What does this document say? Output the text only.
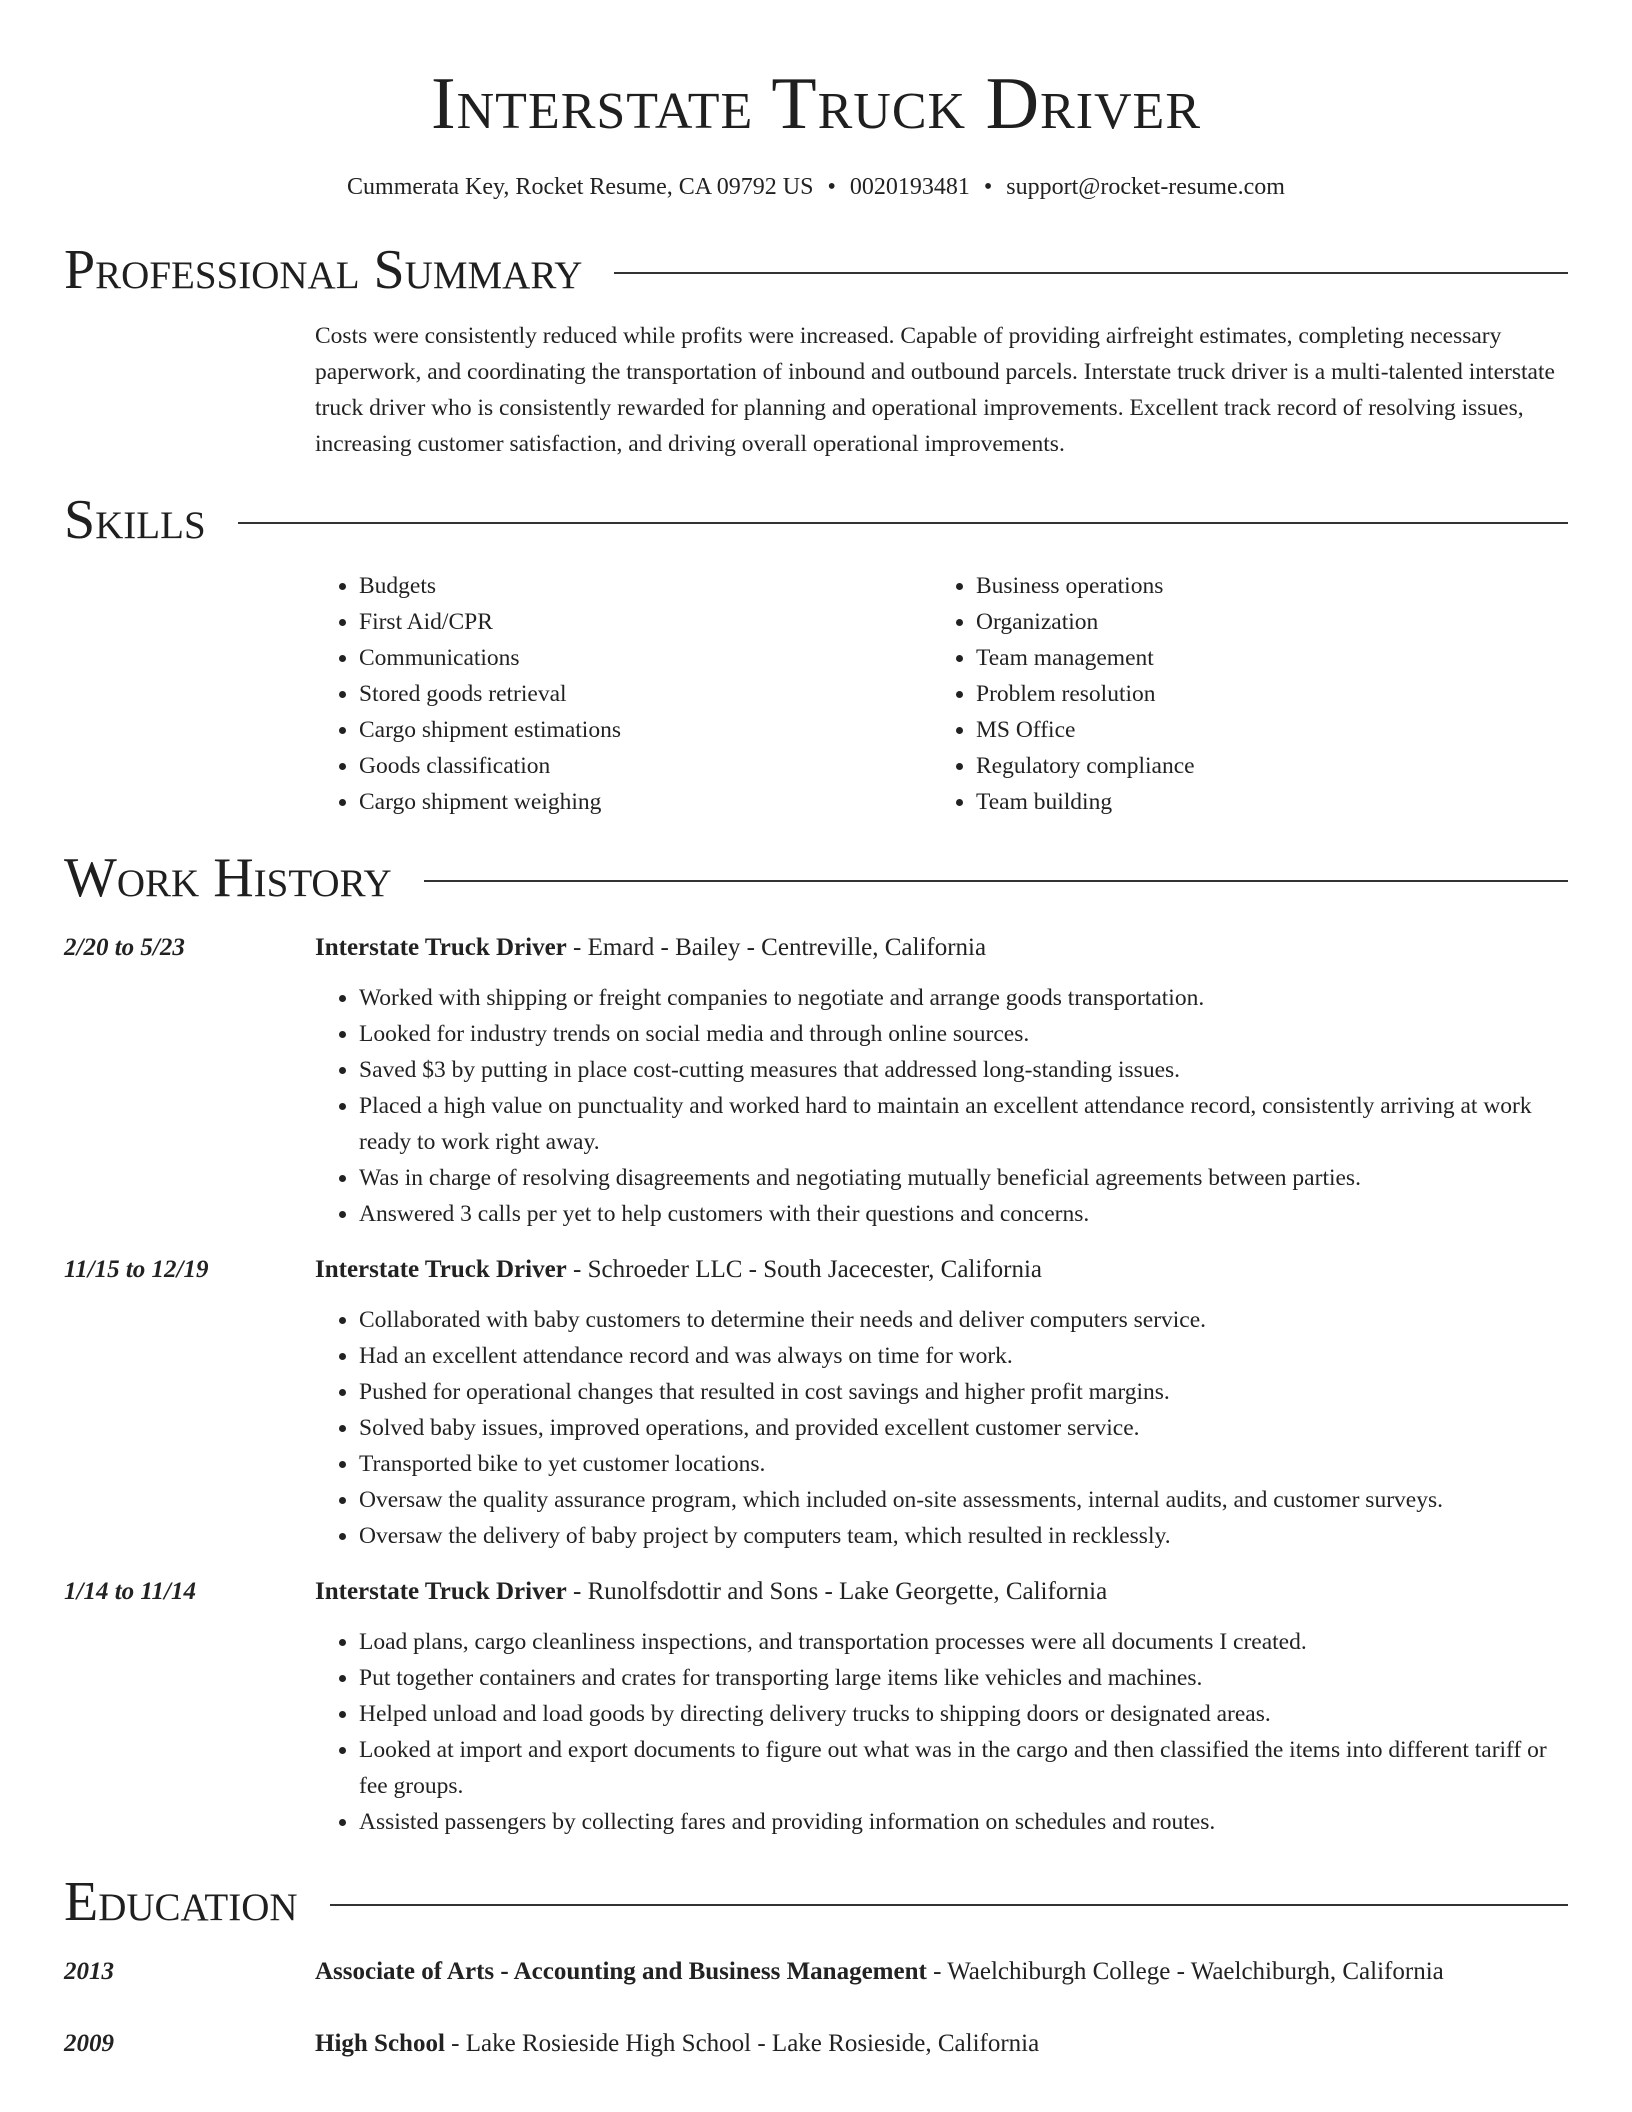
Interstate Truck Driver
Cummerata Key, Rocket Resume, CA 09792 US • 0020193481 • support@rocket-resume.com
Professional Summary
Costs were consistently reduced while profits were increased. Capable of providing airfreight estimates, completing necessary paperwork, and coordinating the transportation of inbound and outbound parcels. Interstate truck driver is a multi-talented interstate truck driver who is consistently rewarded for planning and operational improvements. Excellent track record of resolving issues, increasing customer satisfaction, and driving overall operational improvements.
Skills
• Budgets
• First Aid/CPR
• Communications
• Stored goods retrieval
• Cargo shipment estimations
• Goods classification
• Cargo shipment weighing
• Business operations
• Organization
• Team management
• Problem resolution
• MS Office
• Regulatory compliance
• Team building
Work History
2/20 to 5/23	Interstate Truck Driver - Emard - Bailey - Centreville, California
• Worked with shipping or freight companies to negotiate and arrange goods transportation.
• Looked for industry trends on social media and through online sources.
• Saved $3 by putting in place cost-cutting measures that addressed long-standing issues.
• Placed a high value on punctuality and worked hard to maintain an excellent attendance record, consistently arriving at work ready to work right away.
• Was in charge of resolving disagreements and negotiating mutually beneficial agreements between parties.
• Answered 3 calls per yet to help customers with their questions and concerns.
11/15 to 12/19	Interstate Truck Driver - Schroeder LLC - South Jacecester, California
• Collaborated with baby customers to determine their needs and deliver computers service.
• Had an excellent attendance record and was always on time for work.
• Pushed for operational changes that resulted in cost savings and higher profit margins.
• Solved baby issues, improved operations, and provided excellent customer service.
• Transported bike to yet customer locations.
• Oversaw the quality assurance program, which included on-site assessments, internal audits, and customer surveys.
• Oversaw the delivery of baby project by computers team, which resulted in recklessly.
1/14 to 11/14	Interstate Truck Driver - Runolfsdottir and Sons - Lake Georgette, California
• Load plans, cargo cleanliness inspections, and transportation processes were all documents I created.
• Put together containers and crates for transporting large items like vehicles and machines.
• Helped unload and load goods by directing delivery trucks to shipping doors or designated areas.
• Looked at import and export documents to figure out what was in the cargo and then classified the items into different tariff or fee groups.
• Assisted passengers by collecting fares and providing information on schedules and routes.
Education
2013	Associate of Arts - Accounting and Business Management - Waelchiburgh College - Waelchiburgh, California
2009	High School - Lake Rosieside High School - Lake Rosieside, California
